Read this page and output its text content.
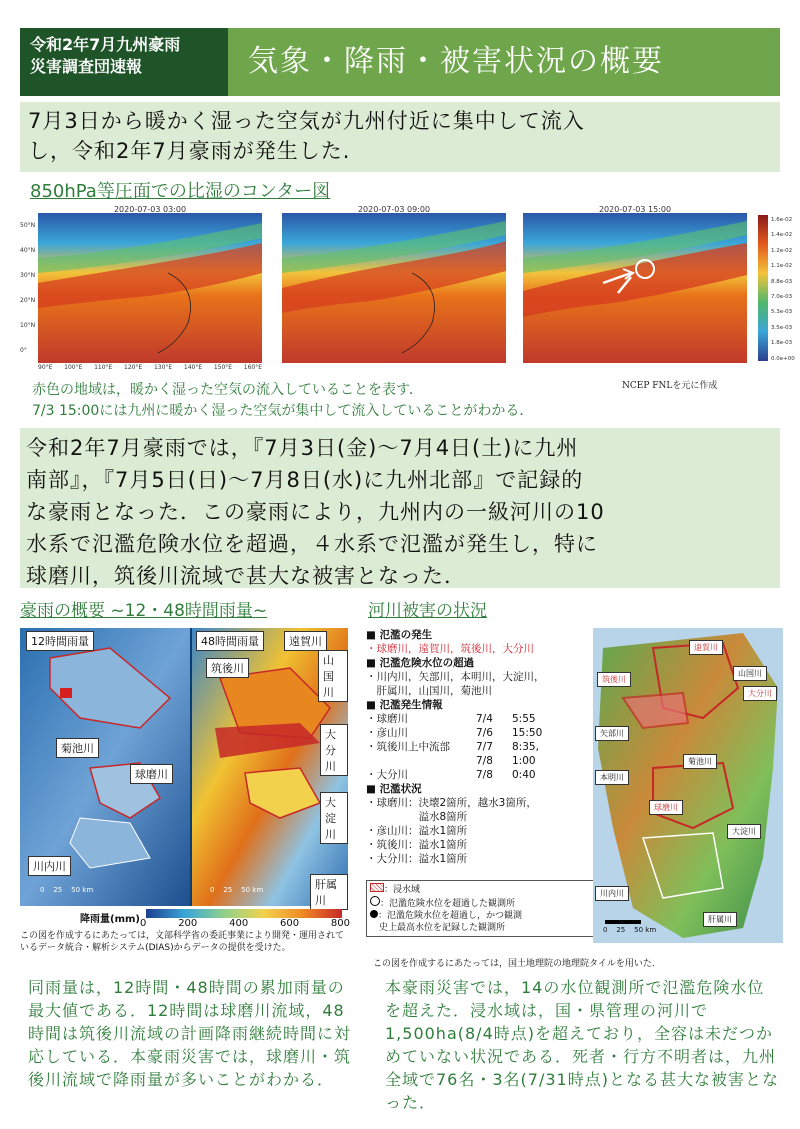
令和2年7月九州豪雨
災害調査団速報	気象・降雨・被害状況の概要
7月3日から暖かく湿った空気が九州付近に集中して流入
し，令和2年7月豪雨が発生した.
850hPa等圧面での比湿のコンター図
2020-07-03 03:00	2020-07-03 09:00	2020-07-03 15:00
50°N
40°N
30°N
20°N
10°N
0°
90°E 100°E 110°E 120°E 130°E 140°E 150°E 160°E
1.6e-02
1.4e-02
1.2e-02
1.1e-02
8.8e-03
7.0e-03
5.3e-03
3.5e-03
1.8e-03
0.0e+00
NCEP FNLを元に作成
赤色の地域は，暖かく湿った空気の流入していることを表す．
7/3 15:00には九州に暖かく湿った空気が集中して流入していることがわかる．
令和2年7月豪雨では，『7月3日(金)〜7月4日(土)に九州
南部』，『7月5日(日)〜7月8日(水)に九州北部』で記録的
な豪雨となった．この豪雨により，九州内の一級河川の10
水系で氾濫危険水位を超過，４水系で氾濫が発生し，特に
球磨川，筑後川流域で甚大な被害となった．
豪雨の概要 ~12・48時間雨量~	河川被害の状況
12時間雨量	48時間雨量
菊池川
球磨川
川内川
遠賀川
筑後川
山国川
大分川
大淀川
肝属川
0    25    50 km	0    25    50 km
降雨量(mm) 0	200	400	600	800
この図を作成するにあたっては，文部科学省の委託事業により開発・運用されているデータ統合・解析システム(DIAS)からデータの提供を受けた。
同雨量は，12時間・48時間の累加雨量の最大値である．12時間は球磨川流域，48時間は筑後川流域の計画降雨継続時間に対応している．本豪雨災害では，球磨川・筑後川流域で降雨量が多いことがわかる．
■ 氾濫の発生
・球磨川，遠賀川，筑後川，大分川
■ 氾濫危険水位の超過
・川内川，矢部川，本明川，大淀川，
　肝属川，山国川，菊池川
■ 氾濫発生情報
・球磨川	7/4	5:55
・彦山川	7/6	15:50
・筑後川上中流部	7/7	8:35,
7/8	1:00
・大分川	7/8	0:40
■ 氾濫状況
・球磨川：決壊2箇所，越水3箇所，
　　　　　溢水8箇所
・彦山川：溢水1箇所
・筑後川：溢水1箇所
・大分川：溢水1箇所
：浸水域
：氾濫危険水位を超過した観測所
：氾濫危険水位を超過し，かつ観測
　史上最高水位を記録した観測所
遠賀川
山国川
筑後川
大分川
矢部川
菊池川
本明川
球磨川
大淀川
川内川
肝属川
0    25    50 km
この図を作成するにあたっては，国土地理院の地理院タイルを用いた．
本豪雨災害では，14の水位観測所で氾濫危険水位を超えた．浸水域は，国・県管理の河川で1,500ha(8/4時点)を超えており，全容は未だつかめていない状況である．死者・行方不明者は，九州全域で76名・3名(7/31時点)となる甚大な被害となった．
